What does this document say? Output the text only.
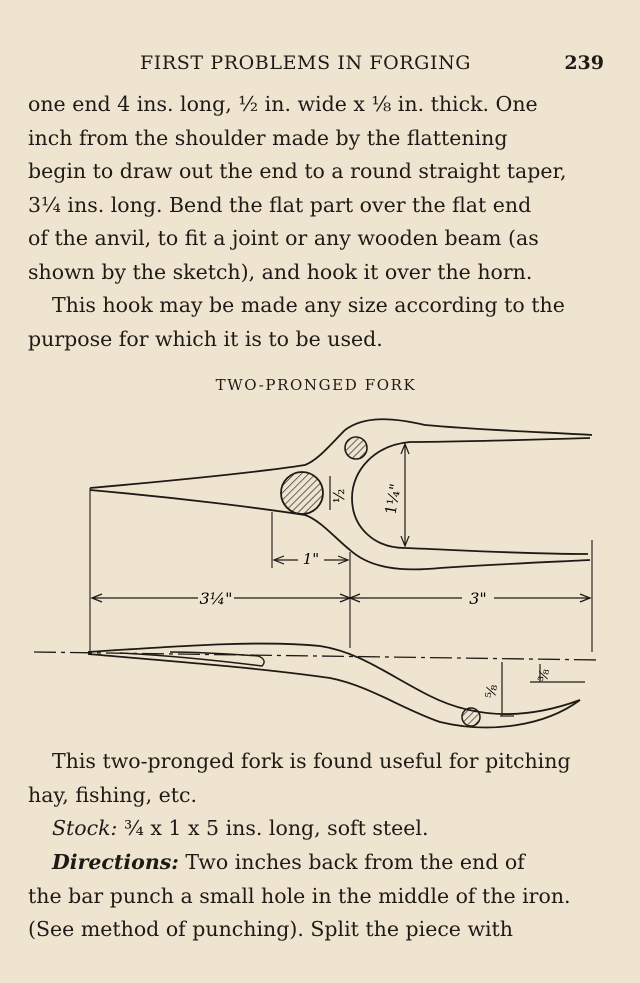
FIRST PROBLEMS IN FORGING	239

one end 4 ins. long, ½ in. wide x ⅛ in. thick. One
inch from the shoulder made by the flattening
begin to draw out the end to a round straight taper,
3¼ ins. long. Bend the flat part over the flat end
of the anvil, to fit a joint or any wooden beam (as
shown by the sketch), and hook it over the horn.

This hook may be made any size according to the
purpose for which it is to be used.

TWO-PRONGED FORK
½ 1¼"
1"
3¼"	3"
⅝
⅜

This two-pronged fork is found useful for pitching
hay, fishing, etc.

Stock: ¾ x 1 x 5 ins. long, soft steel.

Directions: Two inches back from the end of
the bar punch a small hole in the middle of the iron.
(See method of punching). Split the piece with
